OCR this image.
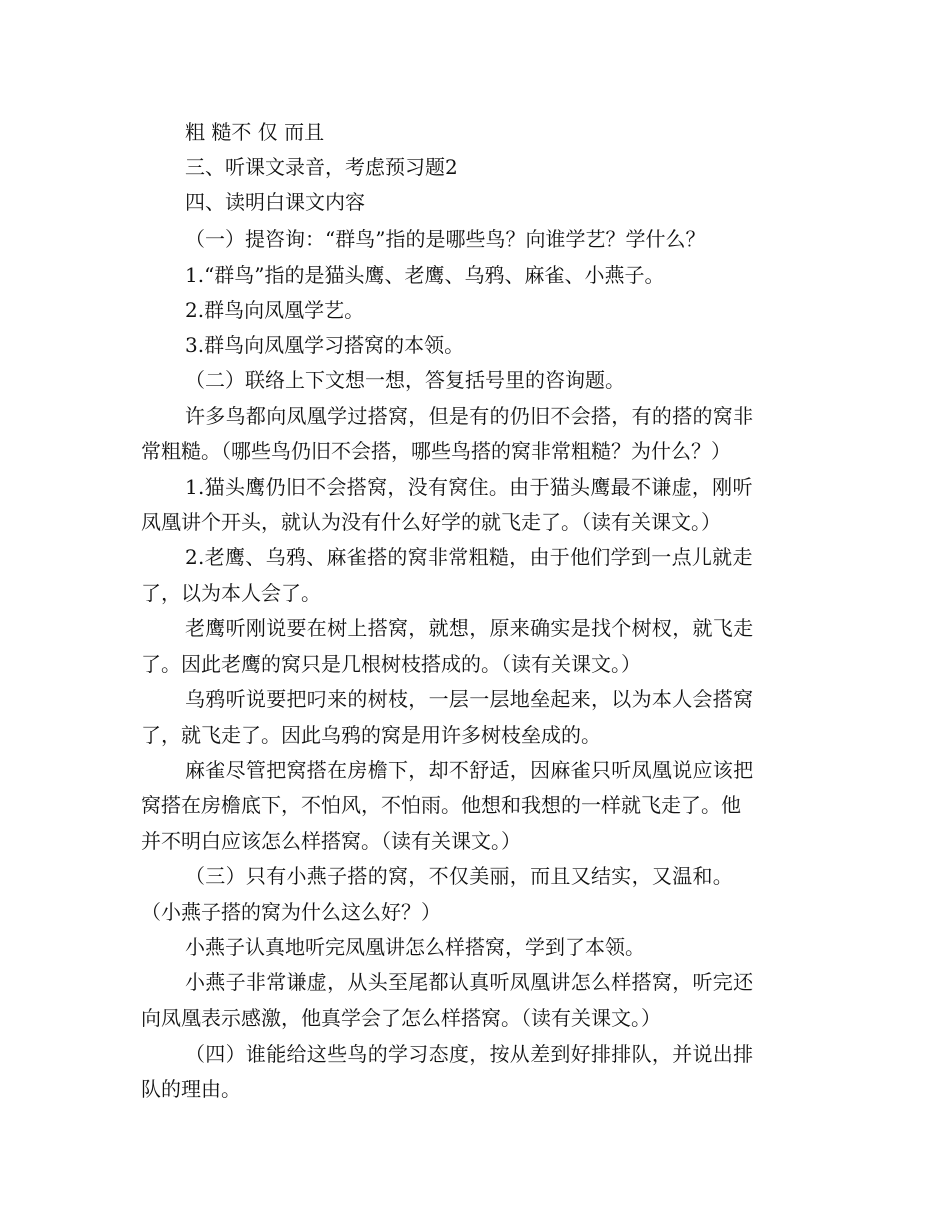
粗 糙不 仅 而且

三、听课文录音，考虑预习题2

四、读明白课文内容

（一）提咨询：“群鸟”指的是哪些鸟？向谁学艺？学什么？

1.“群鸟”指的是猫头鹰、老鹰、乌鸦、麻雀、小燕子。

2.群鸟向凤凰学艺。

3.群鸟向凤凰学习搭窝的本领。

（二）联络上下文想一想，答复括号里的咨询题。

许多鸟都向凤凰学过搭窝，但是有的仍旧不会搭，有的搭的窝非

常粗糙。（哪些鸟仍旧不会搭，哪些鸟搭的窝非常粗糙？为什么？）

1.猫头鹰仍旧不会搭窝，没有窝住。由于猫头鹰最不谦虚，刚听

凤凰讲个开头，就认为没有什么好学的就飞走了。（读有关课文。）

2.老鹰、乌鸦、麻雀搭的窝非常粗糙，由于他们学到一点儿就走

了，以为本人会了。

老鹰听刚说要在树上搭窝，就想，原来确实是找个树杈，就飞走

了。因此老鹰的窝只是几根树枝搭成的。（读有关课文。）

乌鸦听说要把叼来的树枝，一层一层地垒起来，以为本人会搭窝

了，就飞走了。因此乌鸦的窝是用许多树枝垒成的。

麻雀尽管把窝搭在房檐下，却不舒适，因麻雀只听凤凰说应该把

窝搭在房檐底下，不怕风，不怕雨。他想和我想的一样就飞走了。他

并不明白应该怎么样搭窝。（读有关课文。）

（三）只有小燕子搭的窝，不仅美丽，而且又结实，又温和。

（小燕子搭的窝为什么这么好？）

小燕子认真地听完凤凰讲怎么样搭窝，学到了本领。

小燕子非常谦虚，从头至尾都认真听凤凰讲怎么样搭窝，听完还

向凤凰表示感激，他真学会了怎么样搭窝。（读有关课文。）

（四）谁能给这些鸟的学习态度，按从差到好排排队，并说出排

队的理由。
